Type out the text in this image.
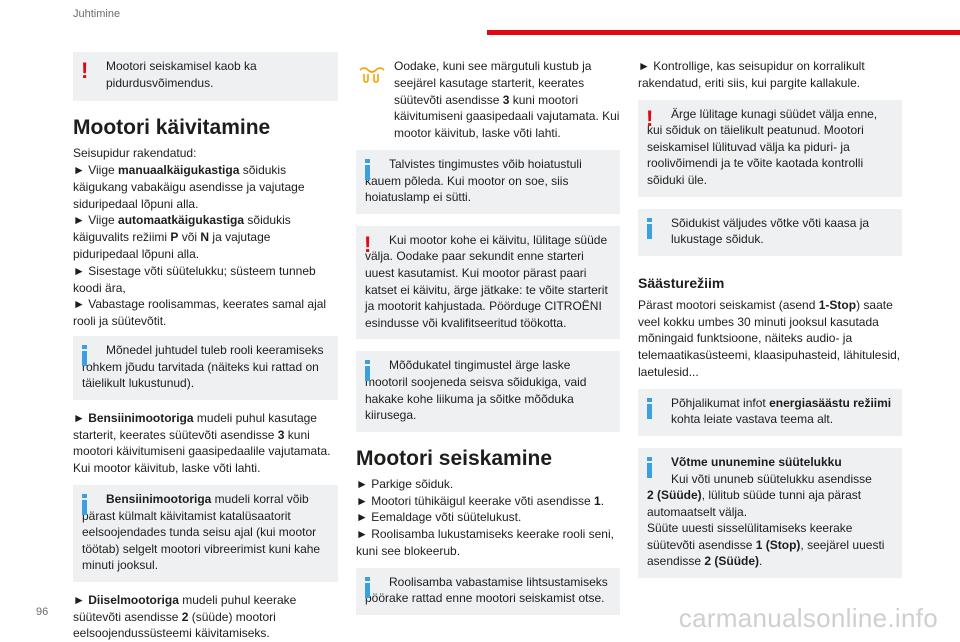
Juhtimine
!	Mootori seiskamisel kaob ka
pidurdusvõimendus.
Mootori käivitamine

Seisupidur rakendatud:

► Viige manuaalkäigukastiga sõidukis käigukang vabakäigu asendisse ja vajutage siduripedaal lõpuni alla.

► Viige automaatkäigukastiga sõidukis käiguvalits režiimi P või N ja vajutage piduripedaal lõpuni alla.

► Sisestage võti süütelukku; süsteem tunneb koodi ära,

► Vabastage roolisammas, keerates samal ajal rooli ja süütevõtit.

Mõnedel juhtudel tuleb rooli keeramiseks
rohkem jõudu tarvitada (näiteks kui rattad on täielikult lukustunud).

► Bensiinimootoriga mudeli puhul kasutage starterit, keerates süütevõti asendisse 3 kuni mootori käivitumiseni gaasipedaalile vajutamata. Kui mootor käivitub, laske võti lahti.

Bensiinimootoriga mudeli korral võib
pärast külmalt käivitamist katalüsaatorit eelsoojendades tunda seisu ajal (kui mootor töötab) selgelt mootori vibreerimist kuni kahe minuti jooksul.

► Diiselmootoriga mudeli puhul keerake süütevõti asendisse 2 (süüde) mootori eelsoojendussüsteemi käivitamiseks.

Oodake, kuni see märgutuli kustub ja

seejärel kasutage starterit, keerates süütevõti asendisse 3 kuni mootori käivitumiseni gaasipedaali vajutamata. Kui mootor käivitub, laske võti lahti.

Talvistes tingimustes võib hoiatustuli
kauem põleda. Kui mootor on soe, siis hoiatuslamp ei sütti.
!	Kui mootor kohe ei käivitu, lülitage süüde
välja. Oodake paar sekundit enne starteri uuest kasutamist. Kui mootor pärast paari katset ei käivitu, ärge jätkake: te võite starterit ja mootorit kahjustada. Pöörduge CITROËNI esindusse või kvalifitseeritud töökotta.
Mõõdukatel tingimustel ärge laske
mootoril soojeneda seisva sõidukiga, vaid hakake kohe liikuma ja sõitke mõõduka kiirusega.
Mootori seiskamine

► Parkige sõiduk.

► Mootori tühikäigul keerake võti asendisse 1.

► Eemaldage võti süütelukust.

► Roolisamba lukustamiseks keerake rooli seni, kuni see blokeerub.

Roolisamba vabastamise lihtsustamiseks
pöörake rattad enne mootori seiskamist otse.

► Kontrollige, kas seisupidur on korralikult rakendatud, eriti siis, kui pargite kallakule.

!	Ärge lülitage kunagi süüdet välja enne,
kui sõiduk on täielikult peatunud. Mootori seiskamisel lülituvad välja ka piduri- ja roolivõimendi ja te võite kaotada kontrolli sõiduki üle.
Sõidukist väljudes võtke võti kaasa ja
lukustage sõiduk.
Säästurežiim

Pärast mootori seiskamist (asend 1-Stop) saate veel kokku umbes 30 minuti jooksul kasutada mõningaid funktsioone, näiteks audio- ja telemaatikasüsteemi, klaasipuhasteid, lähitulesid, laetulesid...

Põhjalikumat infot energiasäästu režiimi
kohta leiate vastava teema alt.
Võtme ununemine süütelukku
Kui võti ununeb süütelukku asendisse
2 (Süüde), lülitub süüde tunni aja pärast automaatselt välja.
Süüte uuesti sisselülitamiseks keerake süütevõti asendisse 1 (Stop), seejärel uuesti asendisse 2 (Süüde).
96	carmanualsonline.info
